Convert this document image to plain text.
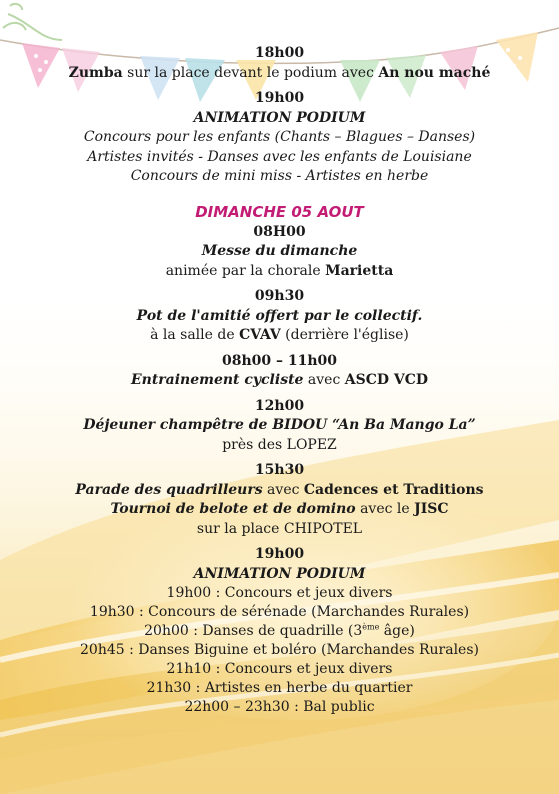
18h00
Zumba sur la place devant le podium avec An nou maché
19h00
ANIMATION PODIUM
Concours pour les enfants (Chants – Blagues – Danses)
Artistes invités - Danses avec les enfants de Louisiane
Concours de mini miss - Artistes en herbe
DIMANCHE 05 AOUT
08H00
Messe du dimanche
animée par la chorale Marietta
09h30
Pot de l'amitié offert par le collectif.
à la salle de CVAV (derrière l'église)
08h00 – 11h00
Entrainement cycliste avec ASCD VCD
12h00
Déjeuner champêtre de BIDOU “An Ba Mango La”
près des LOPEZ
15h30
Parade des quadrilleurs avec Cadences et Traditions
Tournoi de belote et de domino avec le JISC
sur la place CHIPOTEL
19h00
ANIMATION PODIUM
19h00 : Concours et jeux divers
19h30 : Concours de sérénade (Marchandes Rurales)
20h00 : Danses de quadrille (3ème âge)
20h45 : Danses Biguine et boléro (Marchandes Rurales)
21h10 : Concours et jeux divers
21h30 : Artistes en herbe du quartier
22h00 – 23h30 : Bal public
